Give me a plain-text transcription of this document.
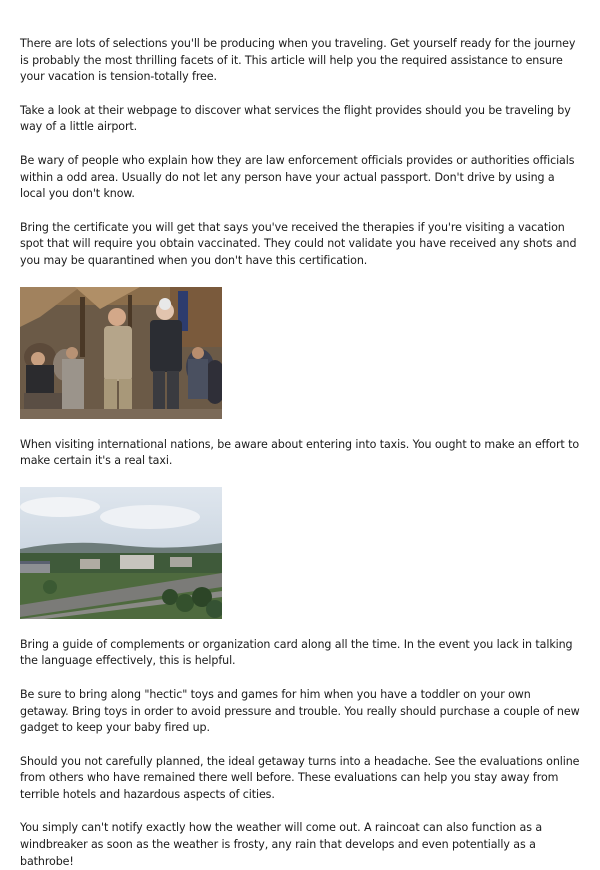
There are lots of selections you'll be producing when you traveling. Get yourself ready for the journey is probably the most thrilling facets of it. This article will help you the required assistance to ensure your vacation is tension-totally free.

Take a look at their webpage to discover what services the flight provides should you be traveling by way of a little airport.

Be wary of people who explain how they are law enforcement officials provides or authorities officials within a odd area. Usually do not let any person have your actual passport. Don't drive by using a local you don't know.

Bring the certificate you will get that says you've received the therapies if you're visiting a vacation spot that will require you obtain vaccinated. They could not validate you have received any shots and you may be quarantined when you don't have this certification.

When visiting international nations, be aware about entering into taxis. You ought to make an effort to make certain it's a real taxi.

Bring a guide of complements or organization card along all the time. In the event you lack in talking the language effectively, this is helpful.

Be sure to bring along "hectic" toys and games for him when you have a toddler on your own getaway. Bring toys in order to avoid pressure and trouble. You really should purchase a couple of new gadget to keep your baby fired up.

Should you not carefully planned, the ideal getaway turns into a headache. See the evaluations online from others who have remained there well before. These evaluations can help you stay away from terrible hotels and hazardous aspects of cities.

You simply can't notify exactly how the weather will come out. A raincoat can also function as a windbreaker as soon as the weather is frosty, any rain that develops and even potentially as a bathrobe!
